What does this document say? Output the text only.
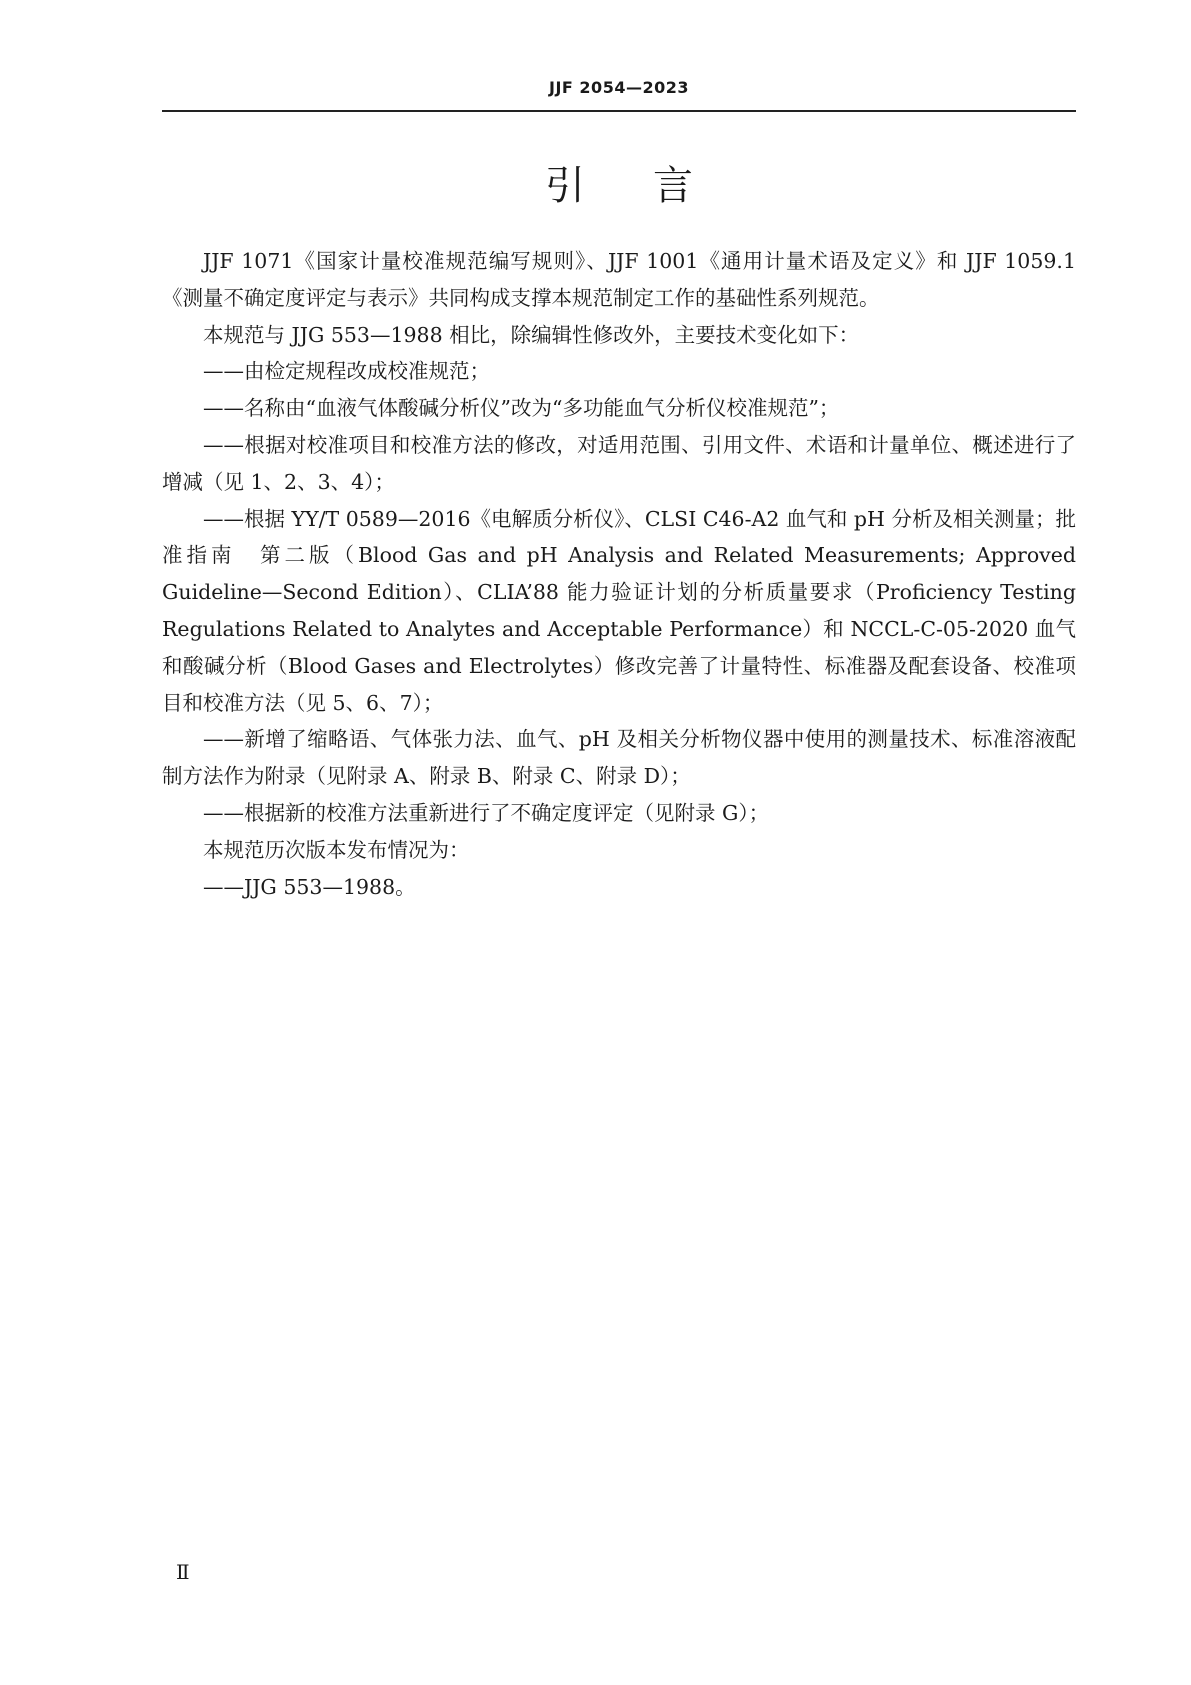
JJF 2054—2023
引言

JJF 1071《国家计量校准规范编写规则》、JJF 1001《通用计量术语及定义》和 JJF 1059.1《测量不确定度评定与表示》共同构成支撑本规范制定工作的基础性系列规范。

本规范与 JJG 553—1988 相比，除编辑性修改外，主要技术变化如下：

——由检定规程改成校准规范；

——名称由“血液气体酸碱分析仪”改为“多功能血气分析仪校准规范”；

——根据对校准项目和校准方法的修改，对适用范围、引用文件、术语和计量单位、概述进行了增减（见 1、2、3、4）；

——根据 YY/T 0589—2016《电解质分析仪》、CLSI C46-A2 血气和 pH 分析及相关测量；批准指南　第二版（Blood Gas and pH Analysis and Related Measurements; Approved Guideline—Second Edition）、CLIA’88 能力验证计划的分析质量要求（Proficiency Testing Regulations Related to Analytes and Acceptable Performance）和 NCCL-C-05-2020 血气和酸碱分析（Blood Gases and Electrolytes）修改完善了计量特性、标准器及配套设备、校准项目和校准方法（见 5、6、7）；

——新增了缩略语、气体张力法、血气、pH 及相关分析物仪器中使用的测量技术、标准溶液配制方法作为附录（见附录 A、附录 B、附录 C、附录 D）；

——根据新的校准方法重新进行了不确定度评定（见附录 G）；

本规范历次版本发布情况为：

——JJG 553—1988。

Ⅱ
